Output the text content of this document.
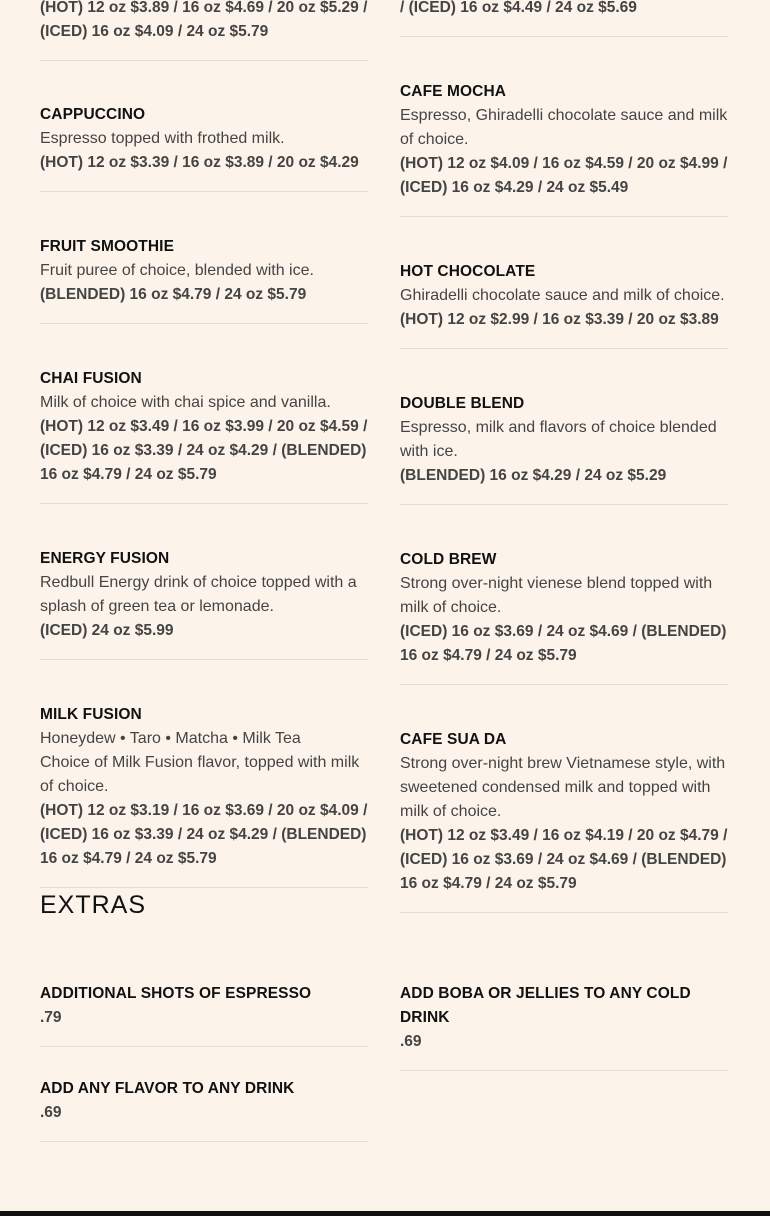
(HOT) 12 oz $3.89 / 16 oz $4.69 / 20 oz $5.29 / (ICED) 16 oz $4.09 / 24 oz $5.79
CAPPUCCINO
Espresso topped with frothed milk.
(HOT) 12 oz $3.39 / 16 oz $3.89 / 20 oz $4.29
FRUIT SMOOTHIE
Fruit puree of choice, blended with ice.
(BLENDED) 16 oz $4.79 / 24 oz $5.79
CHAI FUSION
Milk of choice with chai spice and vanilla.
(HOT) 12 oz $3.49 / 16 oz $3.99 / 20 oz $4.59 / (ICED) 16 oz $3.39 / 24 oz $4.29 / (BLENDED) 16 oz $4.79 / 24 oz $5.79
ENERGY FUSION
Redbull Energy drink of choice topped with a splash of green tea or lemonade.
(ICED) 24 oz $5.99
MILK FUSION
Honeydew • Taro • Matcha • Milk Tea
Choice of Milk Fusion flavor, topped with milk of choice.
(HOT) 12 oz $3.19 / 16 oz $3.69 / 20 oz $4.09 / (ICED) 16 oz $3.39 / 24 oz $4.29 / (BLENDED) 16 oz $4.79 / 24 oz $5.79
/ (ICED) 16 oz $4.49 / 24 oz $5.69
CAFE MOCHA
Espresso, Ghiradelli chocolate sauce and milk of choice.
(HOT) 12 oz $4.09 / 16 oz $4.59 / 20 oz $4.99 / (ICED) 16 oz $4.29 / 24 oz $5.49
HOT CHOCOLATE
Ghiradelli chocolate sauce and milk of choice.
(HOT) 12 oz $2.99 / 16 oz $3.39 / 20 oz $3.89
DOUBLE BLEND
Espresso, milk and flavors of choice blended with ice.
(BLENDED) 16 oz $4.29 / 24 oz $5.29
COLD BREW
Strong over-night vienese blend topped with milk of choice.
(ICED) 16 oz $3.69 / 24 oz $4.69 / (BLENDED) 16 oz $4.79 / 24 oz $5.79
CAFE SUA DA
Strong over-night brew Vietnamese style, with sweetened condensed milk and topped with milk of choice.
(HOT) 12 oz $3.49 / 16 oz $4.19 / 20 oz $4.79 / (ICED) 16 oz $3.69 / 24 oz $4.69 / (BLENDED) 16 oz $4.79 / 24 oz $5.79
EXTRAS
ADDITIONAL SHOTS OF ESPRESSO
.79
ADD BOBA OR JELLIES TO ANY COLD DRINK
.69
ADD ANY FLAVOR TO ANY DRINK
.69
